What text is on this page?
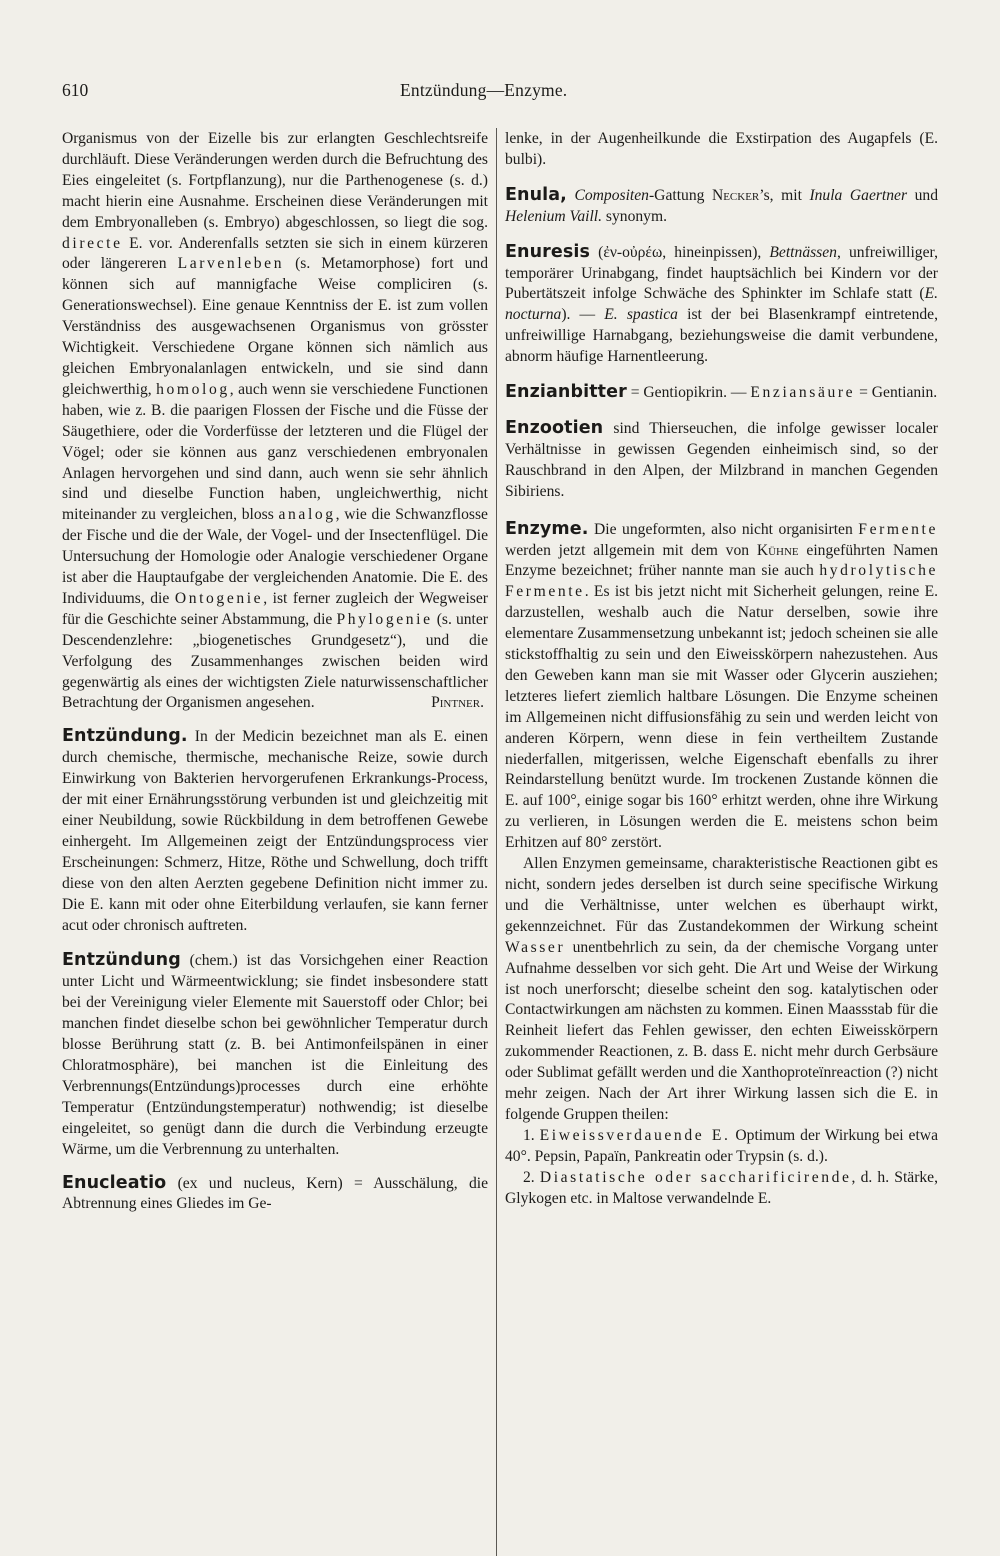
610	Entzündung—Enzyme.

Organismus von der Eizelle bis zur erlangten Geschlechtsreife durchläuft. Diese Veränderungen werden durch die Befruchtung des Eies eingeleitet (s. Fortpflanzung), nur die Parthenogenese (s. d.) macht hierin eine Ausnahme. Erscheinen diese Veränderungen mit dem Embryonalleben (s. Embryo) abgeschlossen, so liegt die sog. directe E. vor. Anderenfalls setzten sie sich in einem kürzeren oder längereren Larvenleben (s. Metamorphose) fort und können sich auf mannigfache Weise compliciren (s. Generationswechsel). Eine genaue Kenntniss der E. ist zum vollen Verständniss des ausgewachsenen Organismus von grösster Wichtigkeit. Verschiedene Organe können sich nämlich aus gleichen Embryonalanlagen entwickeln, und sie sind dann gleichwerthig, homolog, auch wenn sie verschiedene Functionen haben, wie z. B. die paarigen Flossen der Fische und die Füsse der Säugethiere, oder die Vorderfüsse der letzteren und die Flügel der Vögel; oder sie können aus ganz verschiedenen embryonalen Anlagen hervorgehen und sind dann, auch wenn sie sehr ähnlich sind und dieselbe Function haben, ungleichwerthig, nicht miteinander zu vergleichen, bloss analog, wie die Schwanzflosse der Fische und die der Wale, der Vogel- und der Insectenflügel. Die Untersuchung der Homologie oder Analogie verschiedener Organe ist aber die Hauptaufgabe der vergleichenden Anatomie. Die E. des Individuums, die Ontogenie, ist ferner zugleich der Wegweiser für die Geschichte seiner Abstammung, die Phylogenie (s. unter Descendenzlehre: „biogenetisches Grundgesetz“), und die Verfolgung des Zusammenhanges zwischen beiden wird gegenwärtig als eines der wichtigsten Ziele naturwissenschaftlicher Betrachtung der Organismen angesehen.	Pintner.

Entzündung. In der Medicin bezeichnet man als E. einen durch chemische, thermische, mechanische Reize, sowie durch Einwirkung von Bakterien hervorgerufenen Erkrankungs-Process, der mit einer Ernährungsstörung verbunden ist und gleichzeitig mit einer Neubildung, sowie Rückbildung in dem betroffenen Gewebe einhergeht. Im Allgemeinen zeigt der Entzündungsprocess vier Erscheinungen: Schmerz, Hitze, Röthe und Schwellung, doch trifft diese von den alten Aerzten gegebene Definition nicht immer zu. Die E. kann mit oder ohne Eiterbildung verlaufen, sie kann ferner acut oder chronisch auftreten.

Entzündung (chem.) ist das Vorsichgehen einer Reaction unter Licht und Wärmeentwicklung; sie findet insbesondere statt bei der Vereinigung vieler Elemente mit Sauerstoff oder Chlor; bei manchen findet dieselbe schon bei gewöhnlicher Temperatur durch blosse Berührung statt (z. B. bei Antimonfeilspänen in einer Chloratmosphäre), bei manchen ist die Einleitung des Verbrennungs(Entzündungs)processes durch eine erhöhte Temperatur (Entzündungstemperatur) nothwendig; ist dieselbe eingeleitet, so genügt dann die durch die Verbindung erzeugte Wärme, um die Verbrennung zu unterhalten.

Enucleatio (ex und nucleus, Kern) = Ausschälung, die Abtrennung eines Gliedes im Ge-

lenke, in der Augenheilkunde die Exstirpation des Augapfels (E. bulbi).

Enula, Compositen-Gattung Necker’s, mit Inula Gaertner und Helenium Vaill. synonym.

Enuresis (ἐν-οὐρέω, hineinpissen), Bettnässen, unfreiwilliger, temporärer Urinabgang, findet hauptsächlich bei Kindern vor der Pubertätszeit infolge Schwäche des Sphinkter im Schlafe statt (E. nocturna). — E. spastica ist der bei Blasenkrampf eintretende, unfreiwillige Harnabgang, beziehungsweise die damit verbundene, abnorm häufige Harnentleerung.

Enzianbitter = Gentiopikrin. — Enziansäure = Gentianin.

Enzootien sind Thierseuchen, die infolge gewisser localer Verhältnisse in gewissen Gegenden einheimisch sind, so der Rauschbrand in den Alpen, der Milzbrand in manchen Gegenden Sibiriens.

Enzyme. Die ungeformten, also nicht organisirten Fermente werden jetzt allgemein mit dem von Kühne eingeführten Namen Enzyme bezeichnet; früher nannte man sie auch hydrolytische Fermente. Es ist bis jetzt nicht mit Sicherheit gelungen, reine E. darzustellen, weshalb auch die Natur derselben, sowie ihre elementare Zusammensetzung unbekannt ist; jedoch scheinen sie alle stickstoffhaltig zu sein und den Eiweisskörpern nahezustehen. Aus den Geweben kann man sie mit Wasser oder Glycerin ausziehen; letzteres liefert ziemlich haltbare Lösungen. Die Enzyme scheinen im Allgemeinen nicht diffusionsfähig zu sein und werden leicht von anderen Körpern, wenn diese in fein vertheiltem Zustande niederfallen, mitgerissen, welche Eigenschaft ebenfalls zu ihrer Reindarstellung benützt wurde. Im trockenen Zustande können die E. auf 100°, einige sogar bis 160° erhitzt werden, ohne ihre Wirkung zu verlieren, in Lösungen werden die E. meistens schon beim Erhitzen auf 80° zerstört.

Allen Enzymen gemeinsame, charakteristische Reactionen gibt es nicht, sondern jedes derselben ist durch seine specifische Wirkung und die Verhältnisse, unter welchen es überhaupt wirkt, gekennzeichnet. Für das Zustandekommen der Wirkung scheint Wasser unentbehrlich zu sein, da der chemische Vorgang unter Aufnahme desselben vor sich geht. Die Art und Weise der Wirkung ist noch unerforscht; dieselbe scheint den sog. katalytischen oder Contactwirkungen am nächsten zu kommen. Einen Maassstab für die Reinheit liefert das Fehlen gewisser, den echten Eiweisskörpern zukommender Reactionen, z. B. dass E. nicht mehr durch Gerbsäure oder Sublimat gefällt werden und die Xanthoproteïnreaction (?) nicht mehr zeigen. Nach der Art ihrer Wirkung lassen sich die E. in folgende Gruppen theilen:

1. Eiweissverdauende E. Optimum der Wirkung bei etwa 40°. Pepsin, Papaïn, Pankreatin oder Trypsin (s. d.).

2. Diastatische oder saccharificirende, d. h. Stärke, Glykogen etc. in Maltose verwandelnde E.
